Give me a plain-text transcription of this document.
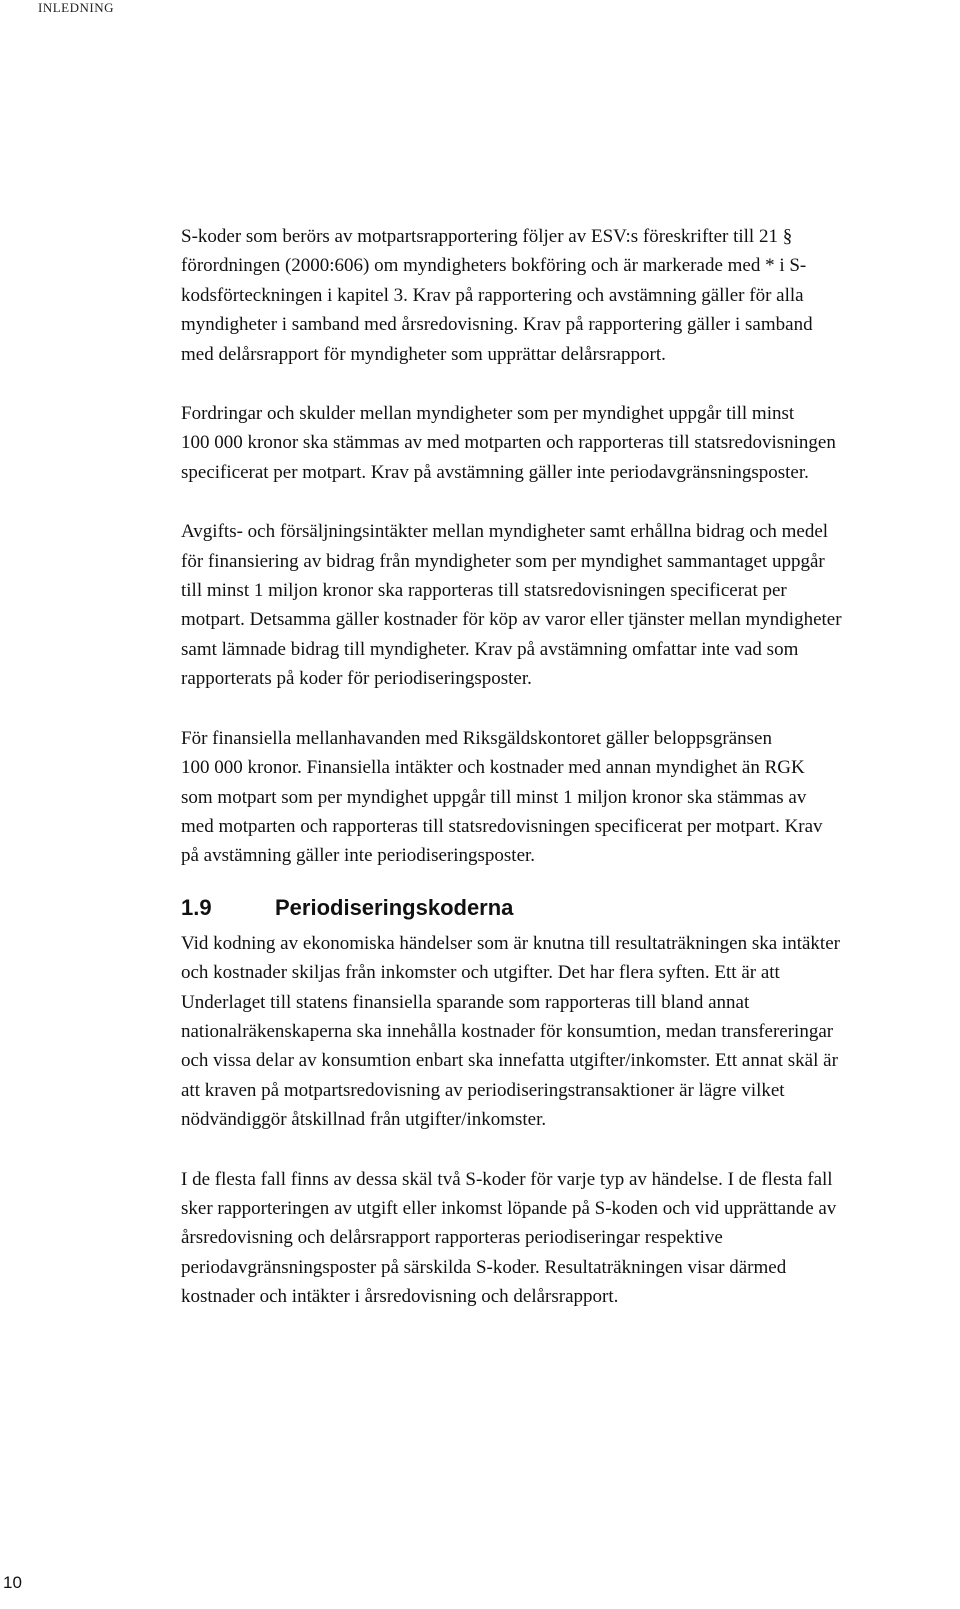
INLEDNING

S-koder som berörs av motpartsrapportering följer av ESV:s föreskrifter till 21 §
förordningen (2000:606) om myndigheters bokföring och är markerade med * i S-
kodsförteckningen i kapitel 3. Krav på rapportering och avstämning gäller för alla
myndigheter i samband med årsredovisning. Krav på rapportering gäller i samband
med delårsrapport för myndigheter som upprättar delårsrapport.

Fordringar och skulder mellan myndigheter som per myndighet uppgår till minst
100 000 kronor ska stämmas av med motparten och rapporteras till statsredovisningen
specificerat per motpart. Krav på avstämning gäller inte periodavgränsningsposter.

Avgifts- och försäljningsintäkter mellan myndigheter samt erhållna bidrag och medel
för finansiering av bidrag från myndigheter som per myndighet sammantaget uppgår
till minst 1 miljon kronor ska rapporteras till statsredovisningen specificerat per
motpart. Detsamma gäller kostnader för köp av varor eller tjänster mellan myndigheter
samt lämnade bidrag till myndigheter. Krav på avstämning omfattar inte vad som
rapporterats på koder för periodiseringsposter.

För finansiella mellanhavanden med Riksgäldskontoret gäller beloppsgränsen
100 000 kronor. Finansiella intäkter och kostnader med annan myndighet än RGK
som motpart som per myndighet uppgår till minst 1 miljon kronor ska stämmas av
med motparten och rapporteras till statsredovisningen specificerat per motpart. Krav
på avstämning gäller inte periodiseringsposter.

1.9	Periodiseringskoderna

Vid kodning av ekonomiska händelser som är knutna till resultaträkningen ska intäkter
och kostnader skiljas från inkomster och utgifter. Det har flera syften. Ett är att
Underlaget till statens finansiella sparande som rapporteras till bland annat
nationalräkenskaperna ska innehålla kostnader för konsumtion, medan transfereringar
och vissa delar av konsumtion enbart ska innefatta utgifter/inkomster. Ett annat skäl är
att kraven på motpartsredovisning av periodiseringstransaktioner är lägre vilket
nödvändiggör åtskillnad från utgifter/inkomster.

I de flesta fall finns av dessa skäl två S-koder för varje typ av händelse. I de flesta fall
sker rapporteringen av utgift eller inkomst löpande på S-koden och vid upprättande av
årsredovisning och delårsrapport rapporteras periodiseringar respektive
periodavgränsningsposter på särskilda S-koder. Resultaträkningen visar därmed
kostnader och intäkter i årsredovisning och delårsrapport.

10
